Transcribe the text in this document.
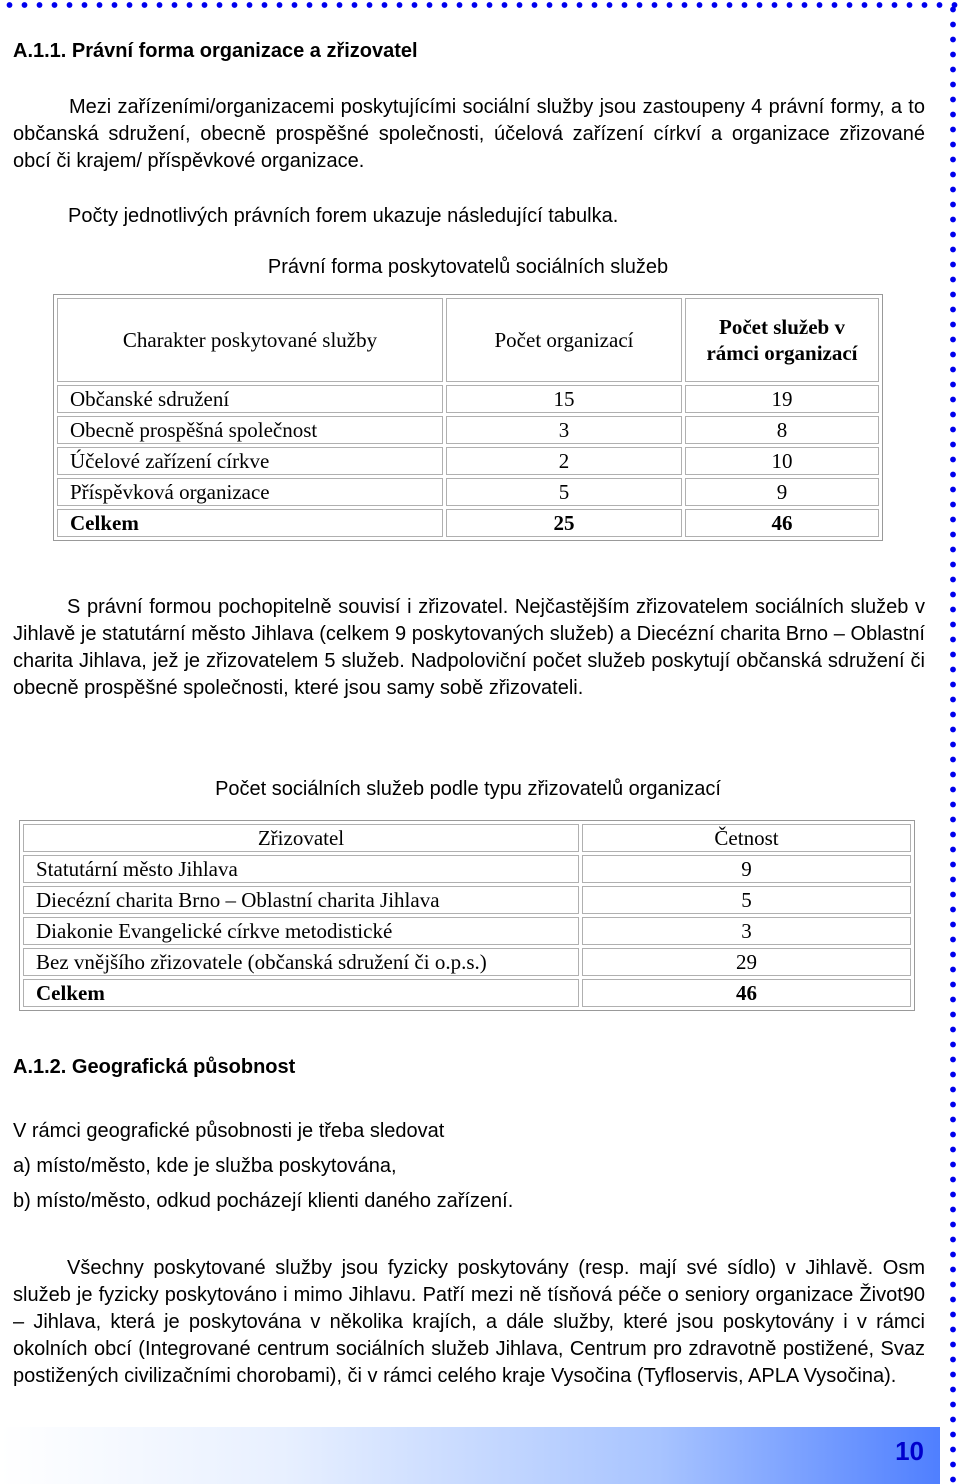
A.1.1. Právní forma organizace a zřizovatel
Mezi zařízeními/organizacemi poskytujícími sociální služby jsou zastoupeny 4 právní formy, a to občanská sdružení, obecně prospěšné společnosti, účelová zařízení církví a organizace zřizované obcí či krajem/ příspěvkové organizace.
Počty jednotlivých právních forem ukazuje následující tabulka.
Právní forma poskytovatelů sociálních služeb
Charakter poskytované služby	Počet organizací	Počet služeb v rámci organizací
Občanské sdružení	15	19
Obecně prospěšná společnost	3	8
Účelové zařízení církve	2	10
Příspěvková organizace	5	9
Celkem	25	46
S právní formou pochopitelně souvisí i zřizovatel. Nejčastějším zřizovatelem sociálních služeb v Jihlavě je statutární město Jihlava (celkem 9 poskytovaných služeb) a Diecézní charita Brno – Oblastní charita Jihlava, jež je zřizovatelem 5 služeb. Nadpoloviční počet služeb poskytují občanská sdružení či obecně prospěšné společnosti, které jsou samy sobě zřizovateli.
Počet sociálních služeb podle typu zřizovatelů organizací
Zřizovatel	Četnost
Statutární město Jihlava	9
Diecézní charita Brno – Oblastní charita Jihlava	5
Diakonie Evangelické církve metodistické	3
Bez vnějšího zřizovatele (občanská sdružení či o.p.s.)	29
Celkem	46
A.1.2. Geografická působnost
V rámci geografické působnosti je třeba sledovat
a) místo/město, kde je služba poskytována,
b) místo/město, odkud pocházejí klienti daného zařízení.
Všechny poskytované služby jsou fyzicky poskytovány (resp. mají své sídlo) v Jihlavě. Osm služeb je fyzicky poskytováno i mimo Jihlavu. Patří mezi ně tísňová péče o seniory organizace Život90 – Jihlava, která je poskytována v několika krajích, a dále služby, které jsou poskytovány i v rámci okolních obcí (Integrované centrum sociálních služeb Jihlava, Centrum pro zdravotně postižené, Svaz postižených civilizačními chorobami), či v rámci celého kraje Vysočina (Tyfloservis, APLA Vysočina).
10
